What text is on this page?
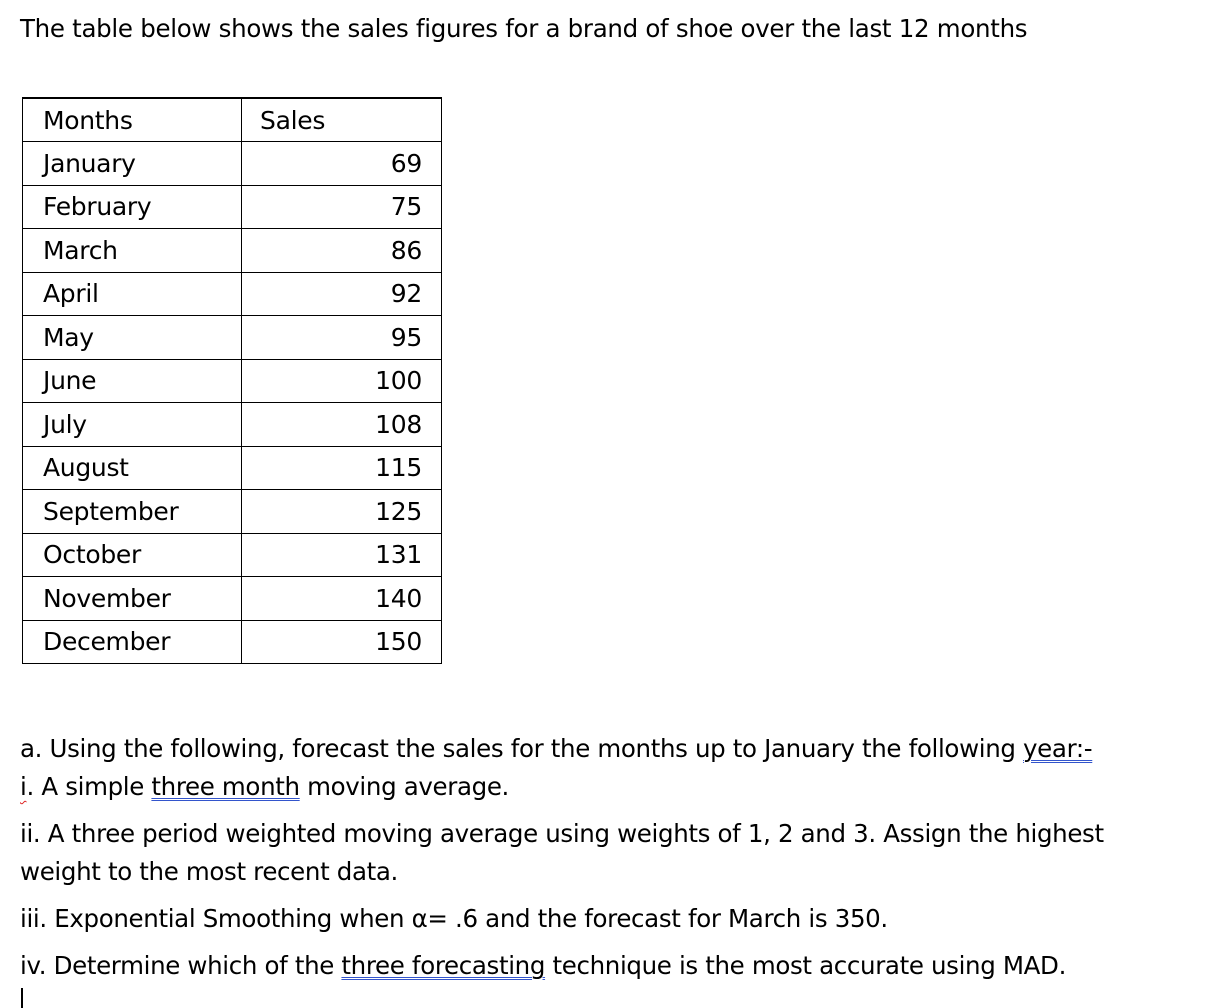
The table below shows the sales figures for a brand of shoe over the last 12 months
Months	Sales
January	69
February	75
March	86
April	92
May	95
June	100
July	108
August	115
September	125
October	131
November	140
December	150
a. Using the following, forecast the sales for the months up to January the following year:-
i. A simple three month moving average.
ii. A three period weighted moving average using weights of 1, 2 and 3. Assign the highest
weight to the most recent data.
iii. Exponential Smoothing when α= .6 and the forecast for March is 350.
iv. Determine which of the three forecasting technique is the most accurate using MAD.
